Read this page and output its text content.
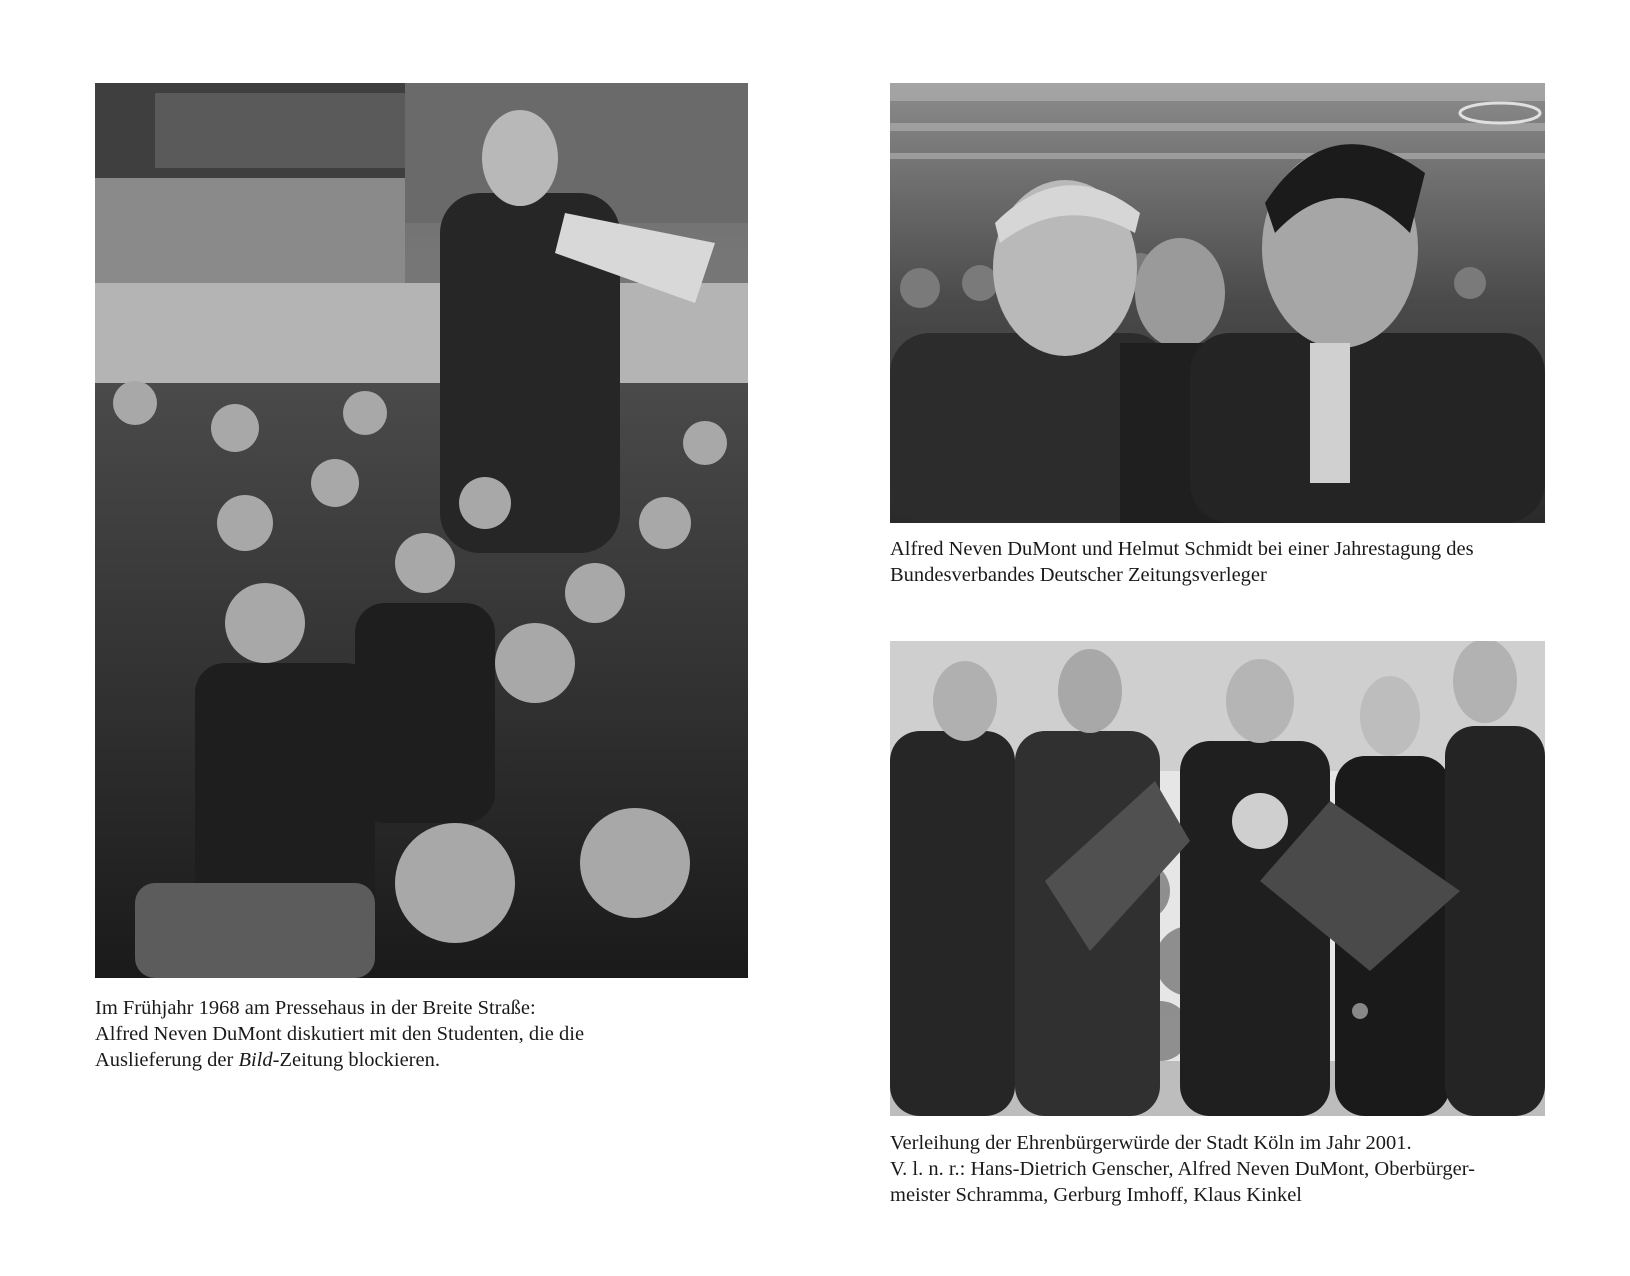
Alfred Neven DuMont und Helmut Schmidt bei einer Jahrestagung des
Bundesverbandes Deutscher Zeitungsverleger
Verleihung der Ehrenbürgerwürde der Stadt Köln im Jahr 2001.
V. l. n. r.: Hans-Dietrich Genscher, Alfred Neven DuMont, Oberbürger-
meister Schramma, Gerburg Imhoff, Klaus Kinkel
Im Frühjahr 1968 am Pressehaus in der Breite Straße:
Alfred Neven DuMont diskutiert mit den Studenten, die die
Auslieferung der Bild-Zeitung blockieren.
